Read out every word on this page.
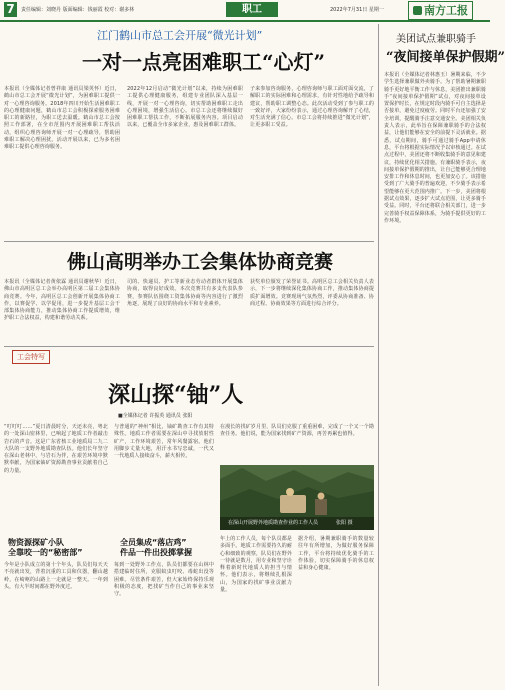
7	责任编辑：刘晓丹 版面编辑：钱丽霞 校对：谢多林	职工	2022年7月31日 星期一	南方工报
江门鹤山市总工会开展“微光计划”
一对一点亮困难职工“心灯”
本报讯（全媒体记者曾祥康 通讯员梁英怀）近日，鹤山市总工会开展“微光计划”，为困难职工提供一对一心理咨询服务。2018年四川开始生活困难职工的心理健康问题，鹤山市总工会积极探索服务困难职工的新路径，为职工送去温暖。鹤山市总工会按照工作部署，在全市范围内开展困难职工帮扶活动，组织心理咨询师开展一对一心理疏导，帮助困难职工解决心理困扰。活动开展以来，已为多名困难职工提供心理咨询服务。
2022年12月启动“微光计划”以来，持续为困难职工提供心理健康服务，组建专业团队深入基层一线，开展一对一心理咨询，切实帮助困难职工走出心理困境，增强生活信心。市总工会还将继续做好困难职工帮扶工作，不断拓展服务内容。项目启动以来，已覆盖全市多家企业，惠及困难职工群体。
子来参加咨询服务，心理咨询师与职工面对面交流，了解职工的实际困难和心理需求，有针对性地给予疏导和建议，帮助职工调整心态。此次活动受到了参与职工的一致好评，大家纷纷表示，通过心理咨询解开了心结，对生活充满了信心。市总工会将持续推进“微光计划”，让更多职工受益。
佛山高明举办工会集体协商竞赛
本报讯（全媒体记者黄依霖 通讯员谢秋华）近日，佛山市高明区总工会举办高明区第二届工会集体协商竞赛。今年，高明区总工会创新开展集体协商工作，以赛促学、以学促用，进一步提升基层工会干部集体协商能力，推动集体协商工作提质增效，维护职工合法权益，构建和谐劳动关系。
司的、快递员、护工等新业态劳动者群体开展集体协商，取得良好成效。本次竞赛共有多支代表队参赛，参赛队伍围绕工资集体协商等内容进行了激烈角逐，展现了良好的协商水平和专业素养。
获奖单位颁发了荣誉证书。高明区总工会相关负责人表示，下一步将继续深化集体协商工作，推动集体协商提质扩面增效。竞赛现场气氛热烈，评委从协商准备、协商过程、协商效果等方面进行综合评分。
工会特写
深山探“铀”人
■全媒体记者 许振英 通讯员 张阳
“叮叮叮……”夏日清晨时分，天还未亮，粤北的一处深山密林里，已响起了地质工作者敲击岩石的声音。这是广东省核工业地质局二九二大队的一支野外地质勘查队伍。他们长年坚守在深山老林中，与岩石为伴，在艰苦环境中默默奉献，为国家铀矿资源勘查事业贡献着自己的力量。
物资源探矿小队
全靠咬一的“秘密部”
今年是小队成立的第十个年头，队员们每天天不亮就出发，背着沉重的工具和仪器，翻山越岭，在崎岖的山路上一走就是一整天。一年到头，有大半时间都在野外度过。
与普通的“神州”相比，铀矿勘查工作有其特殊性。地质工作者需要在深山中寻找放射性矿产，工作环境艰苦，常年风餐露宿。他们用脚步丈量大地，用汗水书写忠诚，一代又一代地质人接续奋斗，薪火相传。
全员集成“落店鸡”
件品一件出投掷掌握
每到一处野外工作点，队员们都要在山林中搭建临时住所，克服蚊虫叮咬、毒蛇出没等困难。尽管条件艰苦，但大家始终保持乐观积极的态度，把找矿当作自己的事业来坚守。
在漫长的找矿岁月里，队员们克服了重重困难，完成了一个又一个勘查任务。他们说，能为国家找到矿产资源，再苦再累也值得。
在深山开展野外地质勘查作业的工作人员	张阳 摄
年上的工作人员，每个队员都是多面手。地质工作需要持久的耐心和细致的观察，队员们在野外一待就是数月，用专业和坚守诠释着新时代地质人的担当与情怀。他们表示，将继续扎根深山，为国家的找矿事业贡献力量。
据介绍，暑期兼职骑手的数量较往年有所增加，为做好服务保障工作，平台将持续优化骑手的工作体验，切实保障骑手的休息权益和身心健康。
美团试点兼职骑手
“夜间接单保护假期”
本报讯（全媒体记者林惠玉）暑期来临，不少学生选择兼职做外卖骑手。为了帮助暑期兼职骑手更好地平衡工作与休息，美团推出兼职骑手“夜间接单保护假期”试点，对夜间接单设置保护时长，在规定时段内骑手可自主选择是否接单，避免过度疲劳。同时平台还加强了安全培训，提醒骑手注意交通安全。美团相关负责人表示，此举旨在保障兼职骑手的合法权益，让他们能够在安全的前提下灵活就业。据悉，试点期间，骑手可通过骑手App申请休息，平台将根据实际情况予以审核通过。在试点过程中，美团还将不断收集骑手的意见和建议，持续优化相关措施。有兼职骑手表示，夜间接单保护假期的推出，让自己能够更合理地安排工作和休息时间，也更加安心了。该措施受到了广大骑手的普遍欢迎，不少骑手表示希望能够在更大范围内推广。下一步，美团将根据试点效果，逐步扩大试点范围，让更多骑手受益。同时，平台还将联合相关部门，进一步完善骑手权益保障体系，为骑手提供更好的工作环境。
